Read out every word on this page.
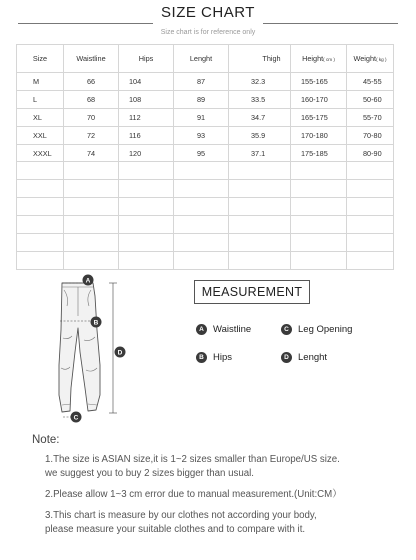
SIZE CHART
Size chart is for reference only
Size	Waistline	Hips	Lenght	Thigh	Height( cm )	Weight( kg )
M	66	104	87	32.3	155-165	45-55
L	68	108	89	33.5	160-170	50-60
XL	70	112	91	34.7	165-175	55-70
XXL	72	116	93	35.9	170-180	70-80
XXXL	74	120	95	37.1	175-185	80-90

A
B
C
D
MEASUREMENT
A Waistline	C Leg Opening
B Hips	D Lenght
Note:
1.The size is ASIAN size,it is 1~2 sizes smaller than Europe/US size.
we suggest you to buy 2 sizes bigger than usual.
2.Please allow 1~3 cm error due to manual measurement.(Unit:CM）
3.This chart is measure by our clothes not according your body,
please measure your suitable clothes and to compare with it.
